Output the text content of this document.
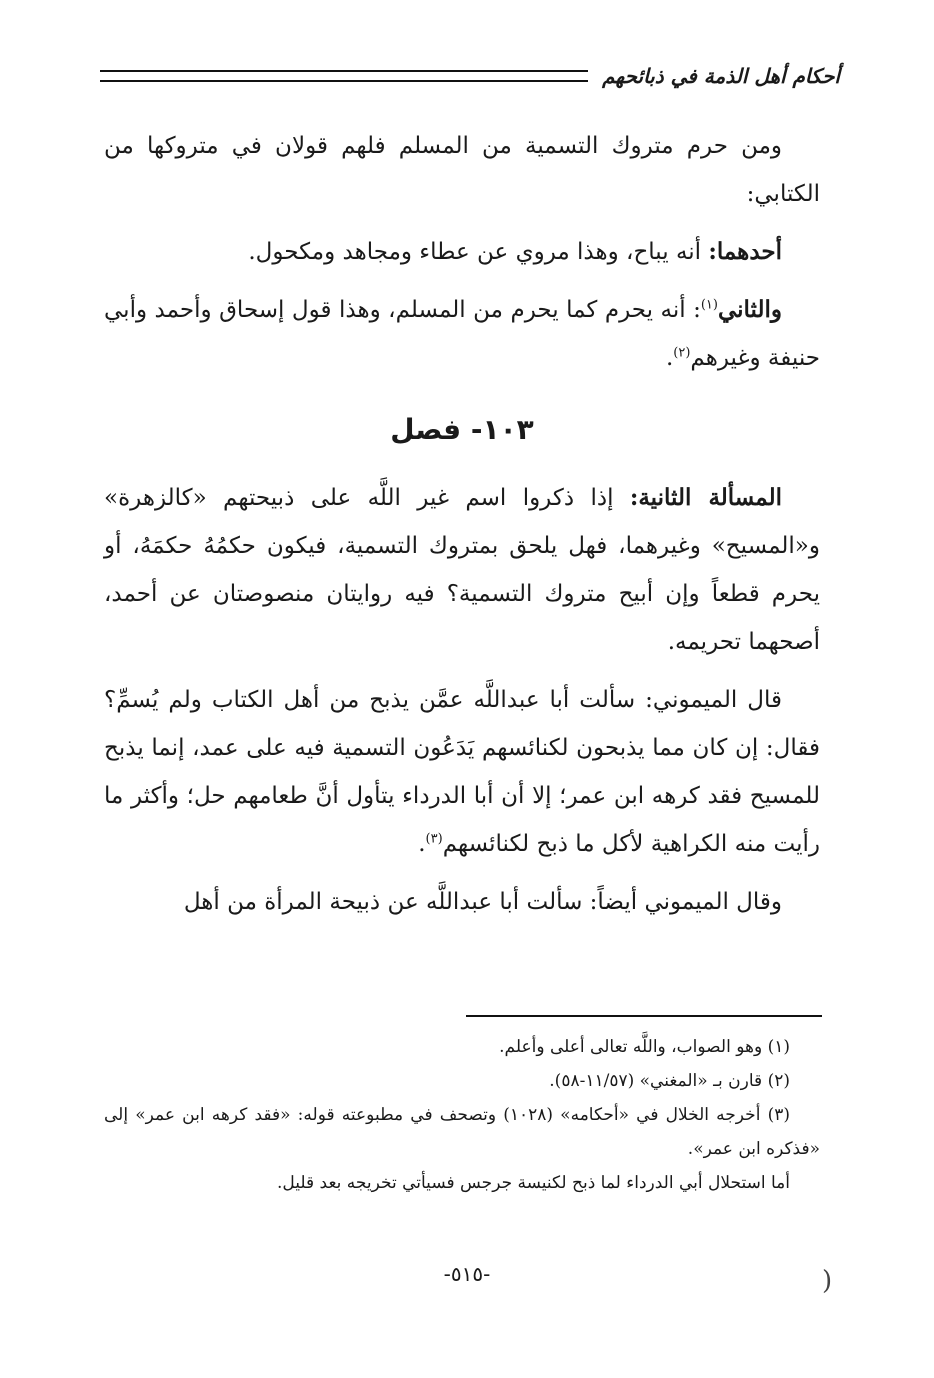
أحكام أهل الذمة في ذبائحهم

ومن حرم متروك التسمية من المسلم فلهم قولان في متروكها من الكتابي:

أحدهما: أنه يباح، وهذا مروي عن عطاء ومجاهد ومكحول.

والثاني$^{(١)}$: أنه يحرم كما يحرم من المسلم، وهذا قول إسحاق وأحمد وأبي حنيفة وغيرهم$^{(٢)}$.

١٠٣- فصل

المسألة الثانية: إذا ذكروا اسم غير اللَّه على ذبيحتهم «كالزهرة» و«المسيح» وغيرهما، فهل يلحق بمتروك التسمية، فيكون حكمُهُ حكمَهُ، أو يحرم قطعاً وإن أبيح متروك التسمية؟ فيه روايتان منصوصتان عن أحمد، أصحهما تحريمه.

قال الميموني: سألت أبا عبداللَّه عمَّن يذبح من أهل الكتاب ولم يُسمِّ؟ فقال: إن كان مما يذبحون لكنائسهم يَدَعُون التسمية فيه على عمد، إنما يذبح للمسيح فقد كرهه ابن عمر؛ إلا أن أبا الدرداء يتأول أنَّ طعامهم حل؛ وأكثر ما رأيت منه الكراهية لأكل ما ذبح لكنائسهم$^{(٣)}$.

وقال الميموني أيضاً: سألت أبا عبداللَّه عن ذبيحة المرأة من أهل

(١) وهو الصواب، واللَّه تعالى أعلى وأعلم.

(٢) قارن بـ «المغني» (١١/٥٧-٥٨).

(٣) أخرجه الخلال في «أحكامه» (١٠٢٨) وتصحف في مطبوعته قوله: «فقد كرهه ابن عمر» إلى «فذكره ابن عمر».

أما استحلال أبي الدرداء لما ذبح لكنيسة جرجس فسيأتي تخريجه بعد قليل.

-٥١٥-	(
